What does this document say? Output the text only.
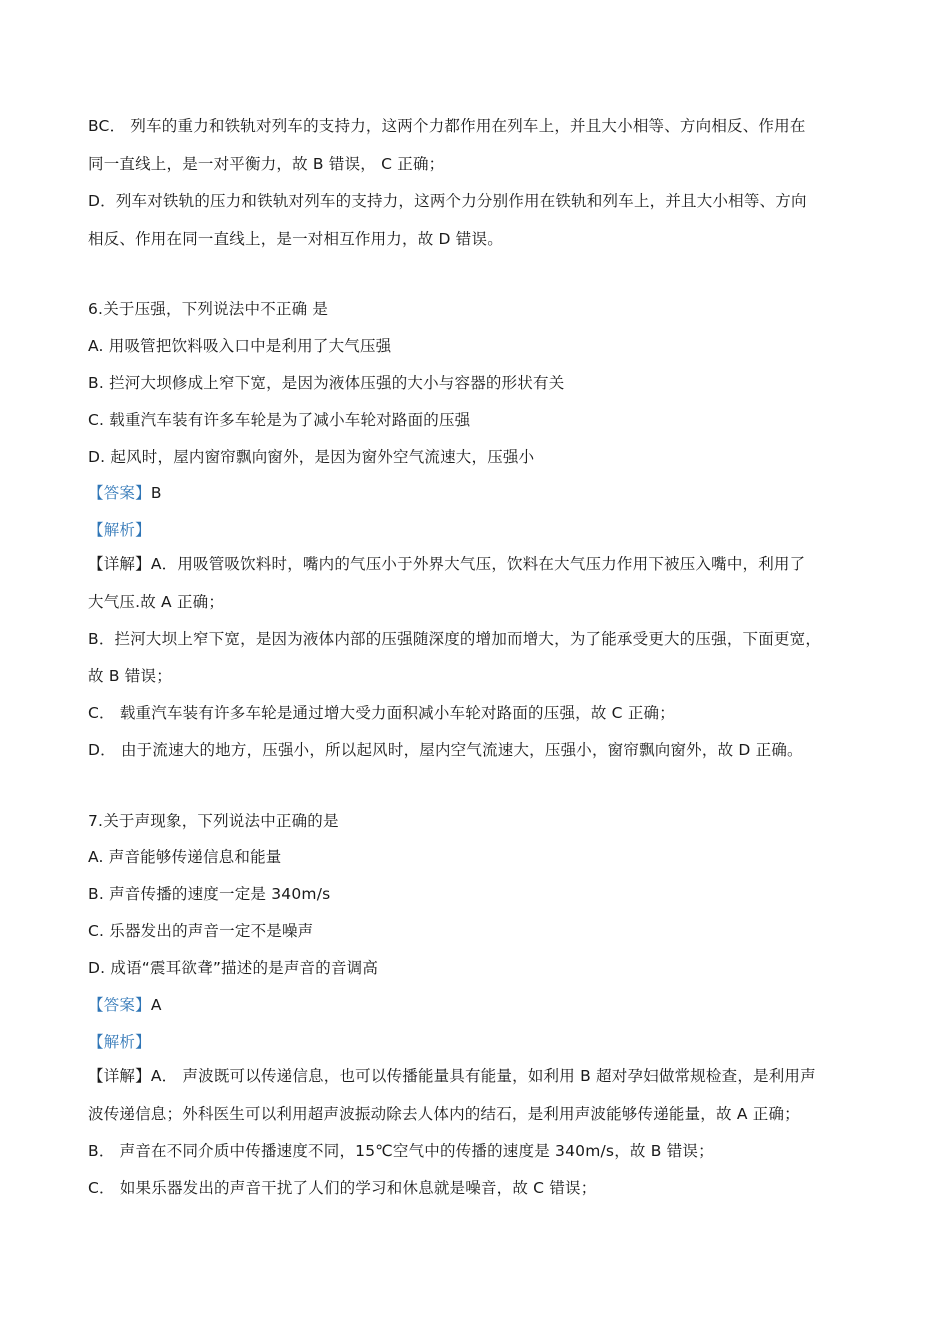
BC． 列车的重力和铁轨对列车的支持力，这两个力都作用在列车上，并且大小相等、方向相反、作用在
同一直线上，是一对平衡力，故 B 错误， C 正确；
D．列车对铁轨的压力和铁轨对列车的支持力，这两个力分别作用在铁轨和列车上，并且大小相等、方向
相反、作用在同一直线上，是一对相互作用力，故 D 错误。
6.关于压强，下列说法中不正确 是
A. 用吸管把饮料吸入口中是利用了大气压强
B. 拦河大坝修成上窄下宽，是因为液体压强的大小与容器的形状有关
C. 载重汽车装有许多车轮是为了减小车轮对路面的压强
D. 起风时，屋内窗帘飘向窗外，是因为窗外空气流速大，压强小
【答案】B
【解析】
【详解】A．用吸管吸饮料时，嘴内的气压小于外界大气压，饮料在大气压力作用下被压入嘴中，利用了
大气压.故 A 正确；
B．拦河大坝上窄下宽，是因为液体内部的压强随深度的增加而增大，为了能承受更大的压强，下面更宽，
故 B 错误；
C． 载重汽车装有许多车轮是通过增大受力面积减小车轮对路面的压强，故 C 正确；
D． 由于流速大的地方，压强小，所以起风时，屋内空气流速大，压强小，窗帘飘向窗外，故 D 正确。
7.关于声现象，下列说法中正确的是
A. 声音能够传递信息和能量
B. 声音传播的速度一定是 340m/s
C. 乐器发出的声音一定不是噪声
D. 成语“震耳欲聋”描述的是声音的音调高
【答案】A
【解析】
【详解】A． 声波既可以传递信息，也可以传播能量具有能量，如利用 B 超对孕妇做常规检查，是利用声
波传递信息；外科医生可以利用超声波振动除去人体内的结石，是利用声波能够传递能量，故 A 正确；
B． 声音在不同介质中传播速度不同，15℃空气中的传播的速度是 340m/s，故 B 错误；
C． 如果乐器发出的声音干扰了人们的学习和休息就是噪音，故 C 错误；
